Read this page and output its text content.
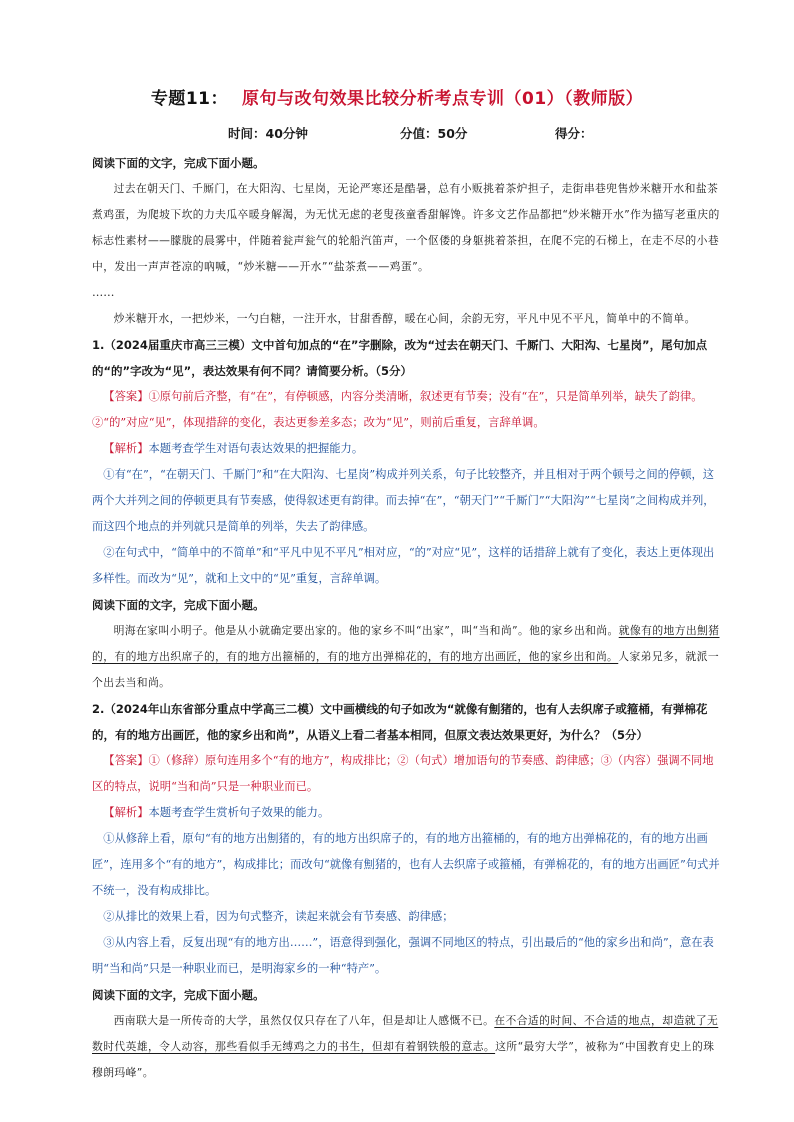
专题11： 原句与改句效果比较分析考点专训（01）（教师版）
时间：40分钟	分值：50分	得分：

阅读下面的文字，完成下面小题。

过去在朝天门、千厮门，在大阳沟、七星岗，无论严寒还是酷暑，总有小贩挑着茶炉担子，走街串巷兜售炒米糖开水和盐茶煮鸡蛋，为爬坡下坎的力夫瓜卒暖身解渴，为无忧无虑的老叟孩童香甜解馋。许多文艺作品都把“炒米糖开水”作为描写老重庆的标志性素材——朦胧的晨雾中，伴随着瓮声瓮气的轮船汽笛声，一个伛偻的身躯挑着茶担，在爬不完的石梯上，在走不尽的小巷中，发出一声声苍凉的吶喊，“炒米糖——开水”“盐茶煮——鸡蛋”。

……

炒米糖开水，一把炒米，一勺白糖，一注开水，甘甜香醇，暖在心间，余韵无穷，平凡中见不平凡，简单中的不简单。

1.（2024届重庆市高三三模）文中首句加点的“在”字删除，改为“过去在朝天门、千厮门、大阳沟、七星岗”，尾句加点的“的”字改为“见”，表达效果有何不同？请简要分析。（5分）

【答案】①原句前后齐整，有“在”，有停顿感，内容分类清晰，叙述更有节奏；没有“在”，只是简单列举，缺失了韵律。②“的”对应“见”，体现措辞的变化，表达更参差多态；改为“见”，则前后重复，言辞单调。

【解析】本题考查学生对语句表达效果的把握能力。

①有“在”，“在朝天门、千厮门”和“在大阳沟、七星岗”构成并列关系，句子比较整齐，并且相对于两个顿号之间的停顿，这两个大并列之间的停顿更具有节奏感，使得叙述更有韵律。而去掉“在”，“朝天门”“千厮门”“大阳沟”“七星岗”之间构成并列，而这四个地点的并列就只是简单的列举，失去了韵律感。

②在句式中，“简单中的不简单”和“平凡中见不平凡”相对应，“的”对应“见”，这样的话措辞上就有了变化，表达上更体现出多样性。而改为“见”，就和上文中的“见”重复，言辞单调。

阅读下面的文字，完成下面小题。

明海在家叫小明子。他是从小就确定要出家的。他的家乡不叫“出家”，叫“当和尚”。他的家乡出和尚。就像有的地方出劁猪的，有的地方出织席子的，有的地方出箍桶的，有的地方出弹棉花的，有的地方出画匠，他的家乡出和尚。人家弟兄多，就派一个出去当和尚。

2.（2024年山东省部分重点中学高三二模）文中画横线的句子如改为“就像有劁猪的，也有人去织席子或箍桶，有弹棉花的，有的地方出画匠，他的家乡出和尚”，从语义上看二者基本相同，但原文表达效果更好，为什么？（5分）

【答案】①（修辞）原句连用多个“有的地方”，构成排比；②（句式）增加语句的节奏感、韵律感；③（内容）强调不同地区的特点，说明“当和尚”只是一种职业而已。

【解析】本题考查学生赏析句子效果的能力。

①从修辞上看，原句“有的地方出劁猪的，有的地方出织席子的，有的地方出箍桶的，有的地方出弹棉花的，有的地方出画匠”，连用多个“有的地方”，构成排比；而改句“就像有劁猪的，也有人去织席子或箍桶，有弹棉花的，有的地方出画匠”句式并不统一，没有构成排比。

②从排比的效果上看，因为句式整齐，读起来就会有节奏感、韵律感；

③从内容上看，反复出现“有的地方出……”，语意得到强化，强调不同地区的特点，引出最后的“他的家乡出和尚”，意在表明“当和尚”只是一种职业而已，是明海家乡的一种“特产”。

阅读下面的文字，完成下面小题。

西南联大是一所传奇的大学，虽然仅仅只存在了八年，但是却让人感慨不已。在不合适的时间、不合适的地点，却造就了无数时代英雄，令人动容，那些看似手无缚鸡之力的书生，但却有着钢铁般的意志。这所“最穷大学”，被称为“中国教育史上的珠穆朗玛峰”。
